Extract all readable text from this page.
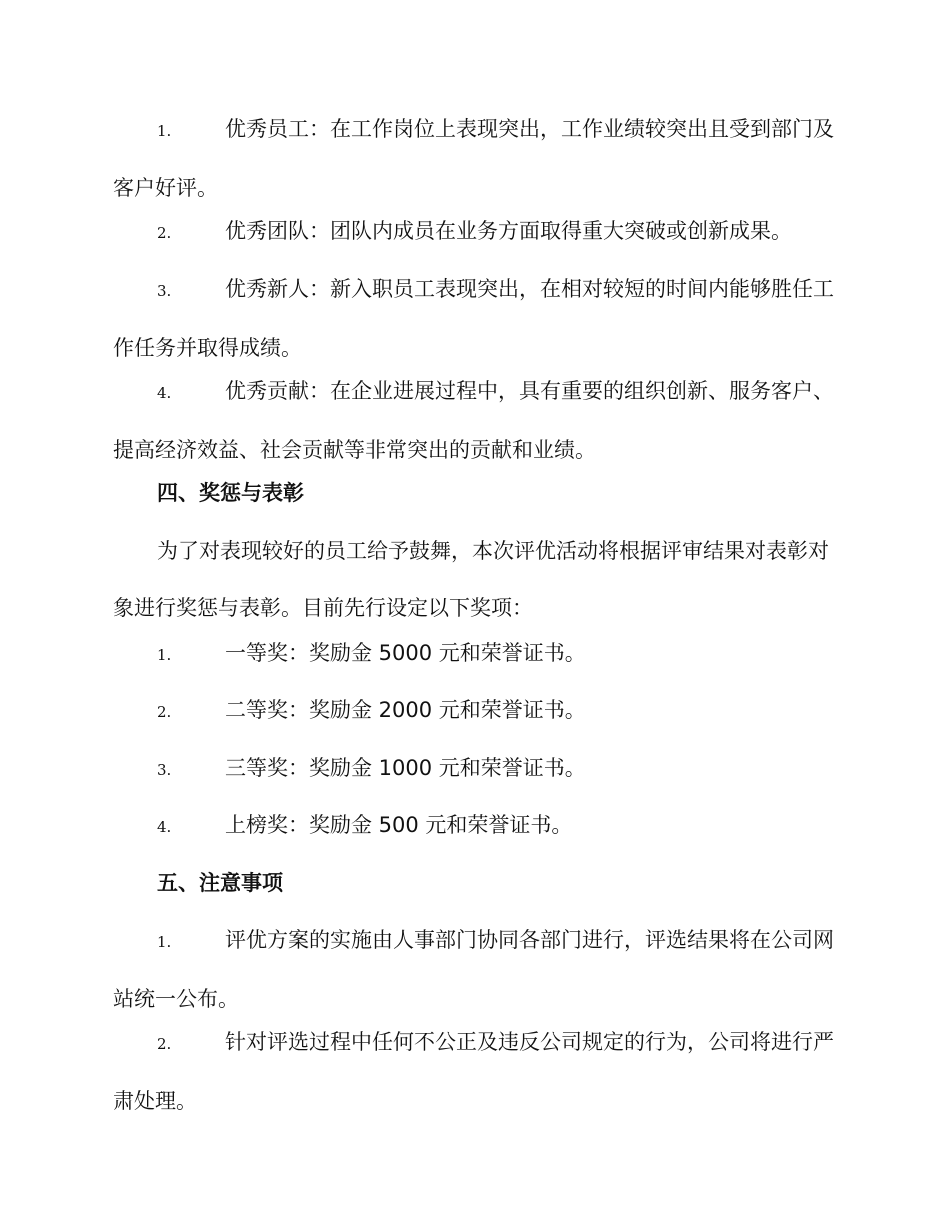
1.	优秀员工：在工作岗位上表现突出，工作业绩较突出且受到部门及客户好评。

2.	优秀团队：团队内成员在业务方面取得重大突破或创新成果。

3.	优秀新人：新入职员工表现突出，在相对较短的时间内能够胜任工作任务并取得成绩。

4.	优秀贡献：在企业进展过程中，具有重要的组织创新、服务客户、提高经济效益、社会贡献等非常突出的贡献和业绩。

四、奖惩与表彰

为了对表现较好的员工给予鼓舞，本次评优活动将根据评审结果对表彰对象进行奖惩与表彰。目前先行设定以下奖项：

1.	一等奖：奖励金 5000 元和荣誉证书。

2.	二等奖：奖励金 2000 元和荣誉证书。

3.	三等奖：奖励金 1000 元和荣誉证书。

4.	上榜奖：奖励金 500 元和荣誉证书。

五、注意事项

1.	评优方案的实施由人事部门协同各部门进行，评选结果将在公司网站统一公布。

2.	针对评选过程中任何不公正及违反公司规定的行为，公司将进行严肃处理。
